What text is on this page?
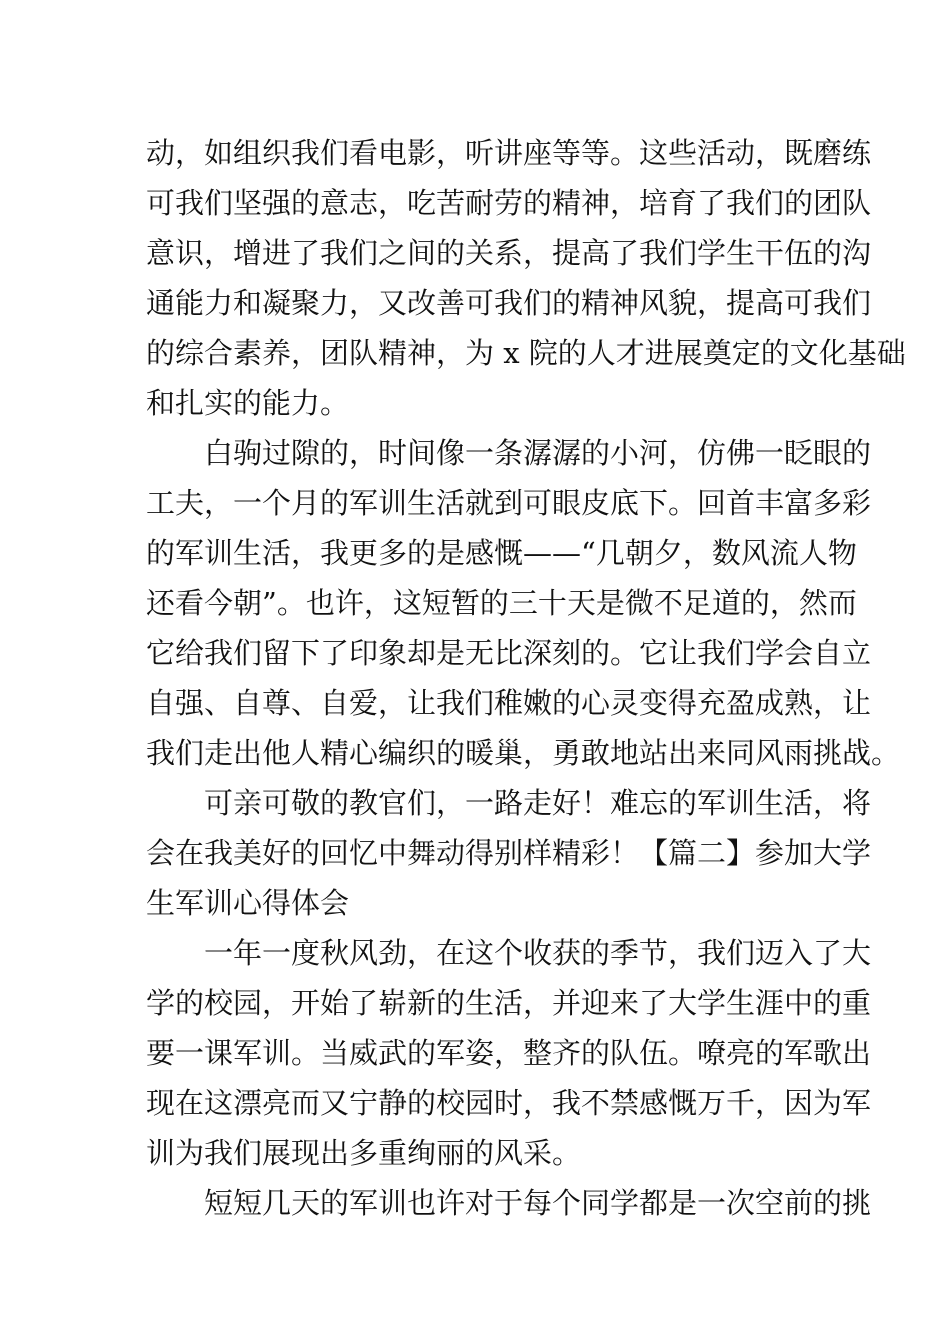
动，如组织我们看电影，听讲座等等。这些活动，既磨练
可我们坚强的意志，吃苦耐劳的精神，培育了我们的团队
意识，增进了我们之间的关系，提高了我们学生干伍的沟
通能力和凝聚力，又改善可我们的精神风貌，提高可我们
的综合素养，团队精神，为 x 院的人才进展奠定的文化基础
和扎实的能力。
白驹过隙的，时间像一条潺潺的小河，仿佛一眨眼的
工夫，一个月的军训生活就到可眼皮底下。回首丰富多彩
的军训生活，我更多的是感慨——“几朝夕，数风流人物
还看今朝”。也许，这短暂的三十天是微不足道的，然而
它给我们留下了印象却是无比深刻的。它让我们学会自立
自强、自尊、自爱，让我们稚嫩的心灵变得充盈成熟，让
我们走出他人精心编织的暖巢，勇敢地站出来同风雨挑战。
可亲可敬的教官们，一路走好！难忘的军训生活，将
会在我美好的回忆中舞动得别样精彩！【篇二】参加大学
生军训心得体会
一年一度秋风劲，在这个收获的季节，我们迈入了大
学的校园，开始了崭新的生活，并迎来了大学生涯中的重
要一课军训。当威武的军姿，整齐的队伍。嘹亮的军歌出
现在这漂亮而又宁静的校园时，我不禁感慨万千，因为军
训为我们展现出多重绚丽的风采。
短短几天的军训也许对于每个同学都是一次空前的挑
